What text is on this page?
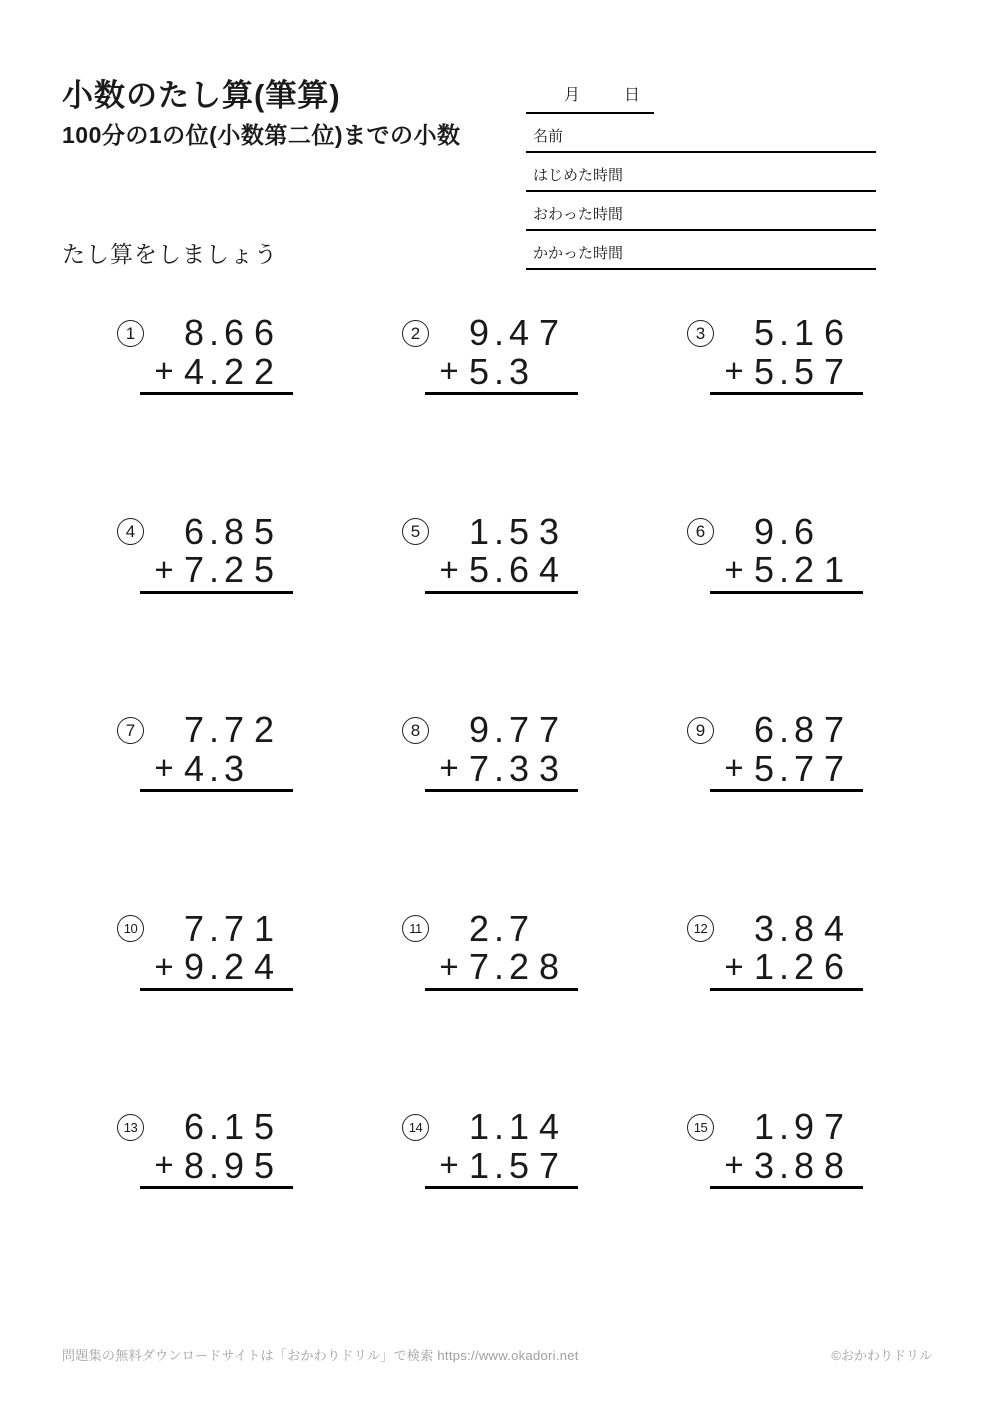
小数のたし算(筆算)
100分の1の位(小数第二位)までの小数
たし算をしましょう
月	日
名前
はじめた時間
おわった時間
かかった時間
1 8 . 6 6
+ 4 . 2 2
2 9 . 4 7
+ 5 . 3
3 5 . 1 6
+ 5 . 5 7
4 6 . 8 5
+ 7 . 2 5
5 1 . 5 3
+ 5 . 6 4
6 9 . 6
+ 5 . 2 1
7 7 . 7 2
+ 4 . 3
8 9 . 7 7
+ 7 . 3 3
9 6 . 8 7
+ 5 . 7 7
10 7 . 7 1
+ 9 . 2 4
11 2 . 7
+ 7 . 2 8
12 3 . 8 4
+ 1 . 2 6
13 6 . 1 5
+ 8 . 9 5
14 1 . 1 4
+ 1 . 5 7
15 1 . 9 7
+ 3 . 8 8
問題集の無料ダウンロードサイトは「おかわりドリル」で検索 https://www.okadori.net	©おかわりドリル
